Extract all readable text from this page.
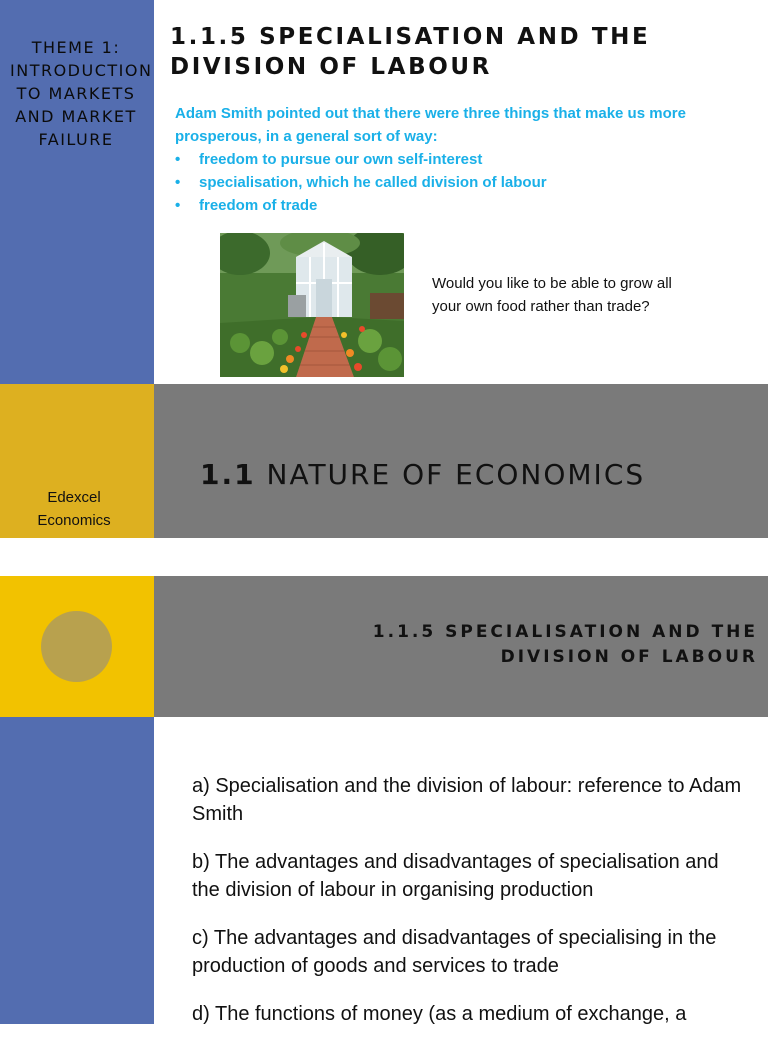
THEME 1: INTRODUCTION TO MARKETS AND MARKET FAILURE
1.1.5 SPECIALISATION AND THE DIVISION OF LABOUR
Adam Smith pointed out that there were three things that make us more prosperous, in a general sort of way:
• freedom to pursue our own self-interest
• specialisation, which he called division of labour
• freedom of trade
Would you like to be able to grow all your own food rather than trade?
Edexcel Economics
1.1 NATURE OF ECONOMICS
1.1.5 SPECIALISATION AND THE DIVISION OF LABOUR

a) Specialisation and the division of labour: reference to Adam Smith

b) The advantages and disadvantages of specialisation and the division of labour in organising production

c) The advantages and disadvantages of specialising in the production of goods and services to trade

d) The functions of money (as a medium of exchange, a
